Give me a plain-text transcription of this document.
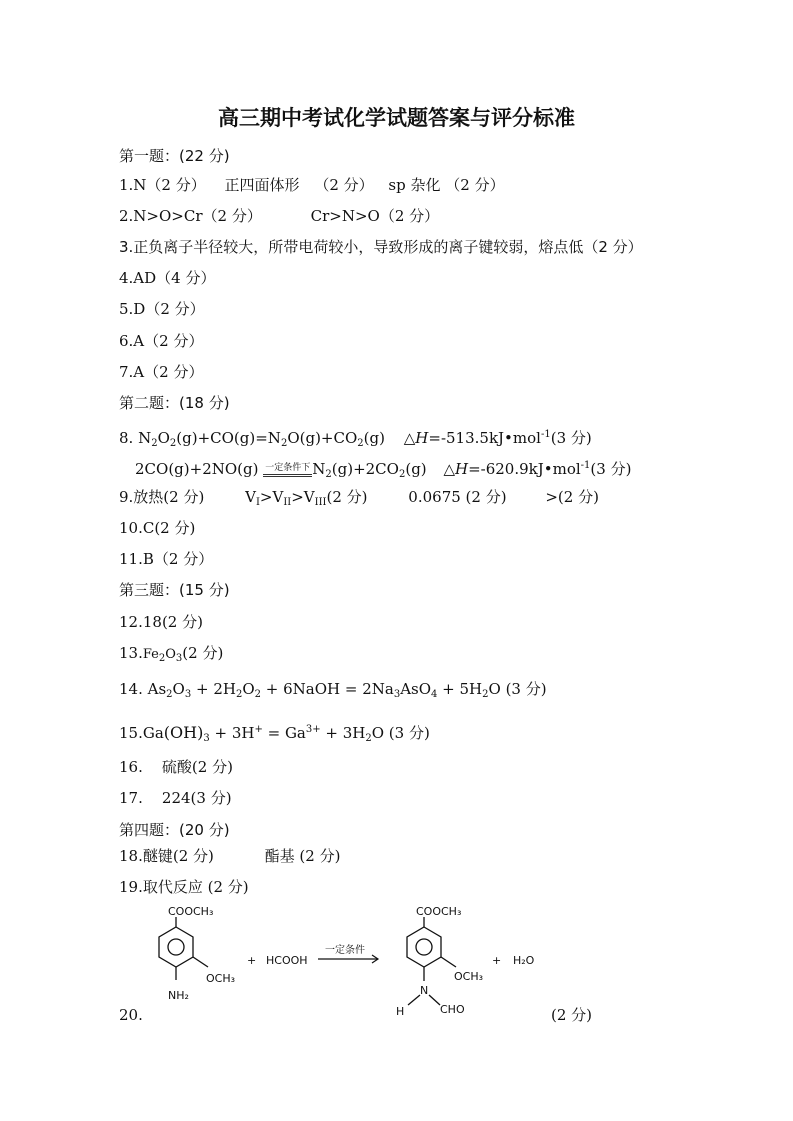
高三期中考试化学试题答案与评分标准
第一题：(22 分)
1.N（2 分） 正四面体形 （2 分） sp 杂化 （2 分）
2.N>O>Cr（2 分）	Cr>N>O（2 分）
3.正负离子半径较大，所带电荷较小，导致形成的离子键较弱，熔点低（2 分）
4.AD（4 分）
5.D（2 分）
6.A（2 分）
7.A（2 分）
第二题：(18 分)
8. $N_2O_2(g)+CO(g)=N_2O(g)+CO_2(g)$ △H=-513.5kJ•mol$^{-1}$(3 分)
2CO(g)+2NO(g) 一定条件下 $N_2(g)+2CO_2(g)$ △H=-620.9kJ•mol$^{-1}$(3 分)
9.放热(2 分)	$V_I>V_{II}>V_{III}(2$ 分)	0.0675 (2 分)	>(2 分)
10.C(2 分)
11.B（2 分）
第三题：(15 分)
12.18(2 分)
$13.Fe_2O_3(2$ 分)
14. $As_2O_3 + 2H_2O_2$ + 6NaOH = $2Na_3AsO_4 + 5H_2O$ (3 分)
$15.Ga(OH)_3 + 3H^+ = Ga^{3+} + 3H_2O$ (3 分)
16.    硫酸(2 分)
17.    224(3 分)
第四题：(20 分)
18.醚键(2 分)	酯基 (2 分)
19.取代反应 (2 分)
20.	(2 分)
COOCH₃
OCH₃
NH₂
+ HCOOH
一定条件
COOCH₃
OCH₃
N
H	CHO
+ H₂O
